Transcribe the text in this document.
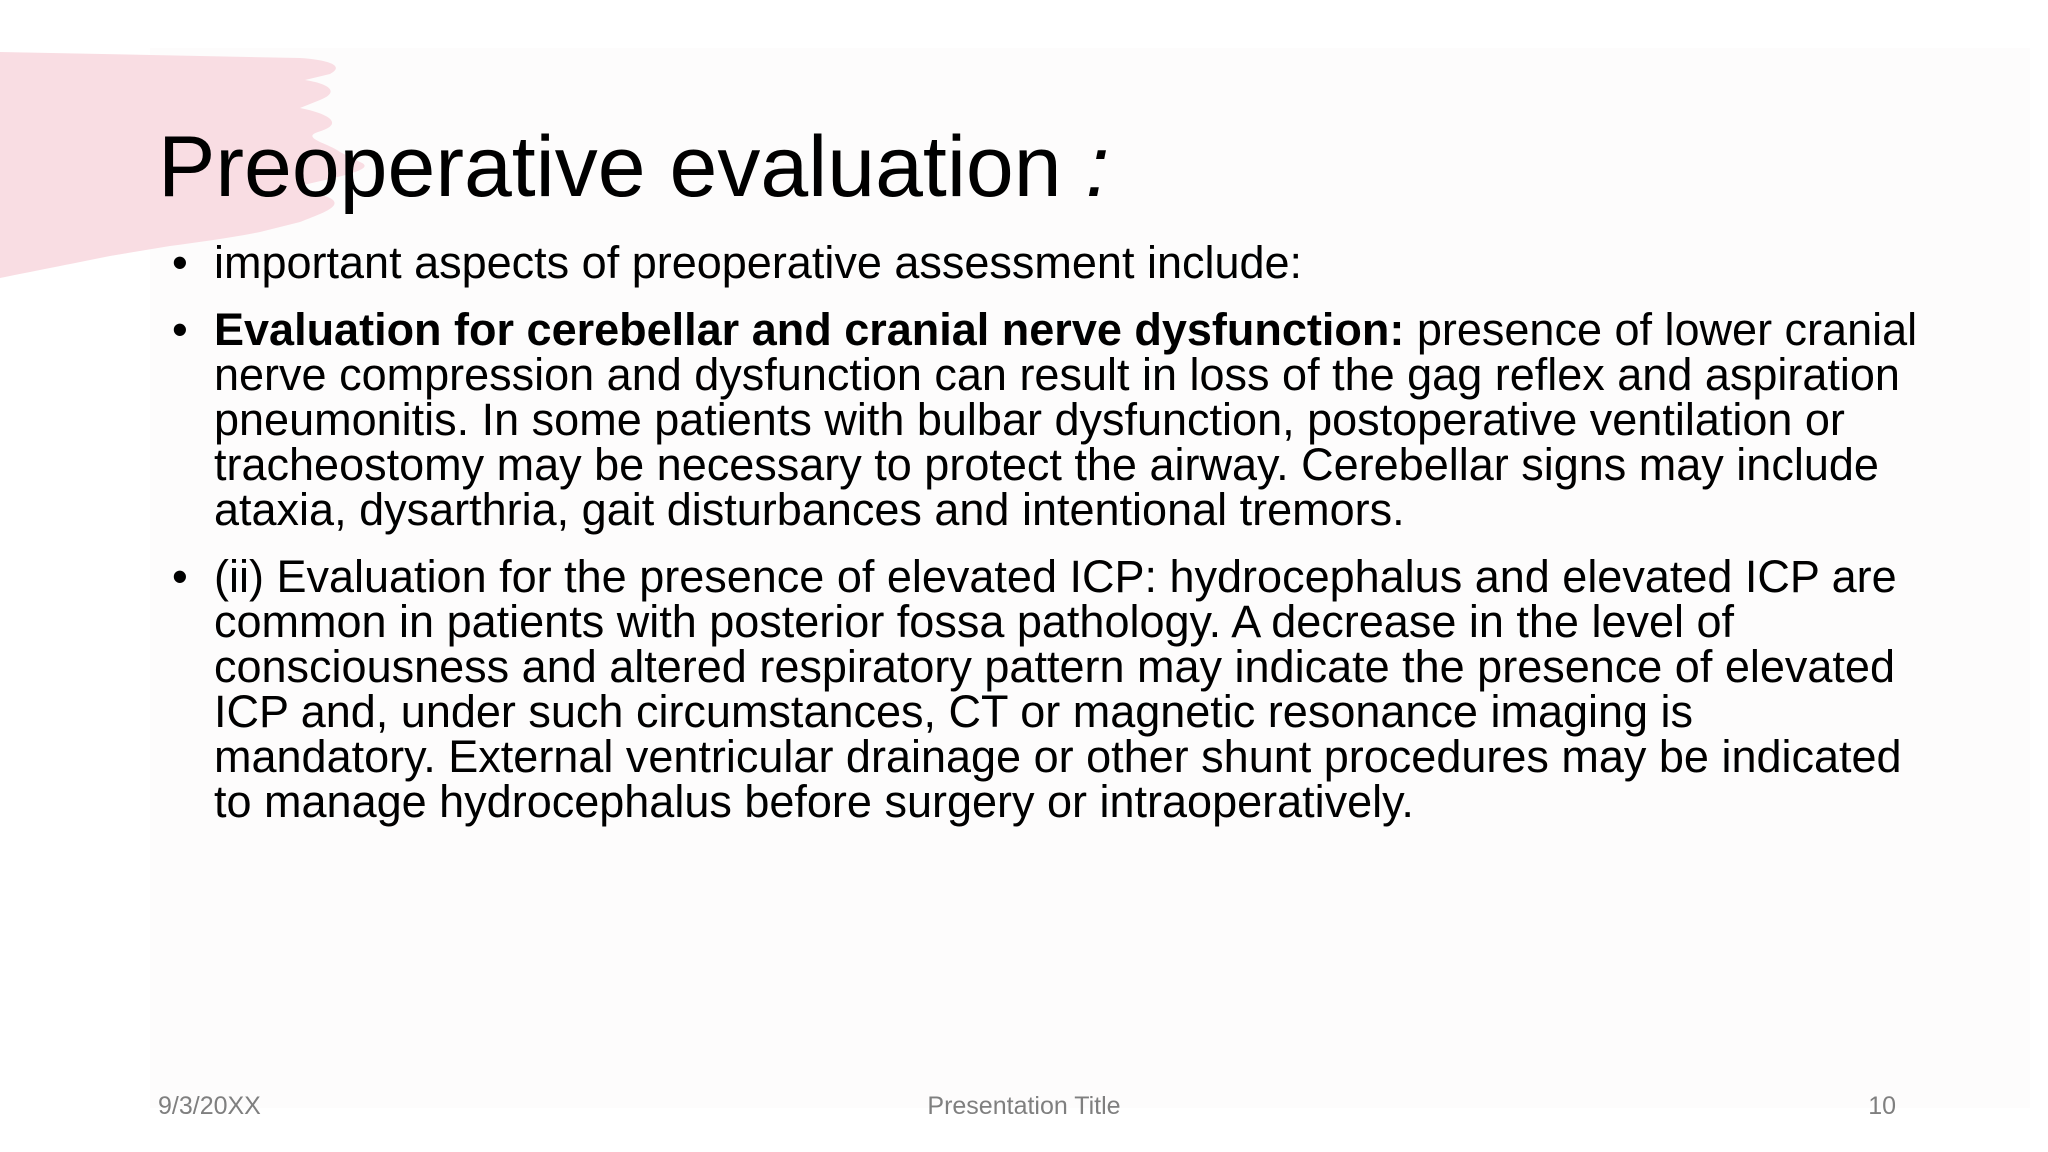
Preoperative evaluation :
• important aspects of preoperative assessment include:
• Evaluation for cerebellar and cranial nerve dysfunction: presence of lower cranial nerve compression and dysfunction can result in loss of the gag reflex and aspiration pneumonitis. In some patients with bulbar dysfunction, postoperative ventilation or tracheostomy may be necessary to protect the airway. Cerebellar signs may include ataxia, dysarthria, gait disturbances and intentional tremors.
• (ii) Evaluation for the presence of elevated ICP: hydrocephalus and elevated ICP are common in patients with posterior fossa pathology. A decrease in the level of consciousness and altered respiratory pattern may indicate the presence of elevated ICP and, under such circumstances, CT or magnetic resonance imaging is mandatory. External ventricular drainage or other shunt procedures may be indicated to manage hydrocephalus before surgery or intraoperatively.
9/3/20XX	Presentation Title	10
